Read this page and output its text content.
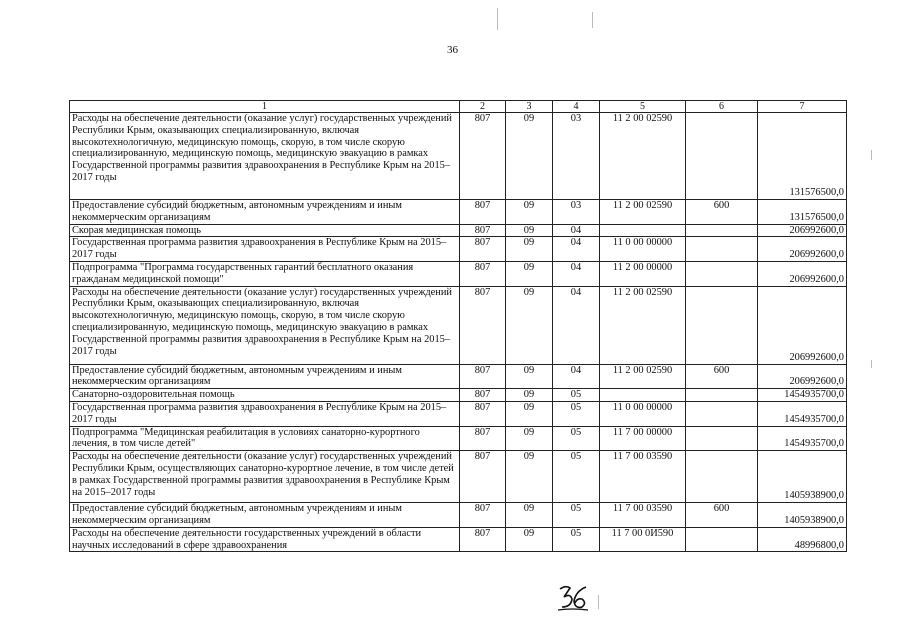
36
1	2	3	4	5	6	7
Расходы на обеспечение деятельности (оказание услуг) государственных учреждений Республики Крым, оказывающих специализированную, включая высокотехнологичную, медицинскую помощь, скорую, в том числе скорую специализированную, медицинскую помощь, медицинскую эвакуацию в рамках Государственной программы развития здравоохранения в Республике Крым на 2015–2017 годы	807	09	03	11 2 00 02590		131576500,0
Предоставление субсидий бюджетным, автономным учреждениям и иным некоммерческим организациям	807	09	03	11 2 00 02590	600	131576500,0
Скорая медицинская помощь	807	09	04			206992600,0
Государственная программа развития здравоохранения в Республике Крым на 2015–2017 годы	807	09	04	11 0 00 00000		206992600,0
Подпрограмма "Программа государственных гарантий бесплатного оказания гражданам медицинской помощи"	807	09	04	11 2 00 00000		206992600,0
Расходы на обеспечение деятельности (оказание услуг) государственных учреждений Республики Крым, оказывающих специализированную, включая высокотехнологичную, медицинскую помощь, скорую, в том числе скорую специализированную, медицинскую помощь, медицинскую эвакуацию в рамках Государственной программы развития здравоохранения в Республике Крым на 2015–2017 годы	807	09	04	11 2 00 02590		206992600,0
Предоставление субсидий бюджетным, автономным учреждениям и иным некоммерческим организациям	807	09	04	11 2 00 02590	600	206992600,0
Санаторно-оздоровительная помощь	807	09	05			1454935700,0
Государственная программа развития здравоохранения в Республике Крым на 2015–2017 годы	807	09	05	11 0 00 00000		1454935700,0
Подпрограмма "Медицинская реабилитация в условиях санаторно-курортного лечения, в том числе детей"	807	09	05	11 7 00 00000		1454935700,0
Расходы на обеспечение деятельности (оказание услуг) государственных учреждений Республики Крым, осуществляющих санаторно-курортное лечение, в том числе детей в рамках Государственной программы развития здравоохранения в Республике Крым на 2015–2017 годы	807	09	05	11 7 00 03590		1405938900,0
Предоставление субсидий бюджетным, автономным учреждениям и иным некоммерческим организациям	807	09	05	11 7 00 03590	600	1405938900,0
Расходы на обеспечение деятельности государственных учреждений в области научных исследований в сфере здравоохранения	807	09	05	11 7 00 0И590		48996800,0
